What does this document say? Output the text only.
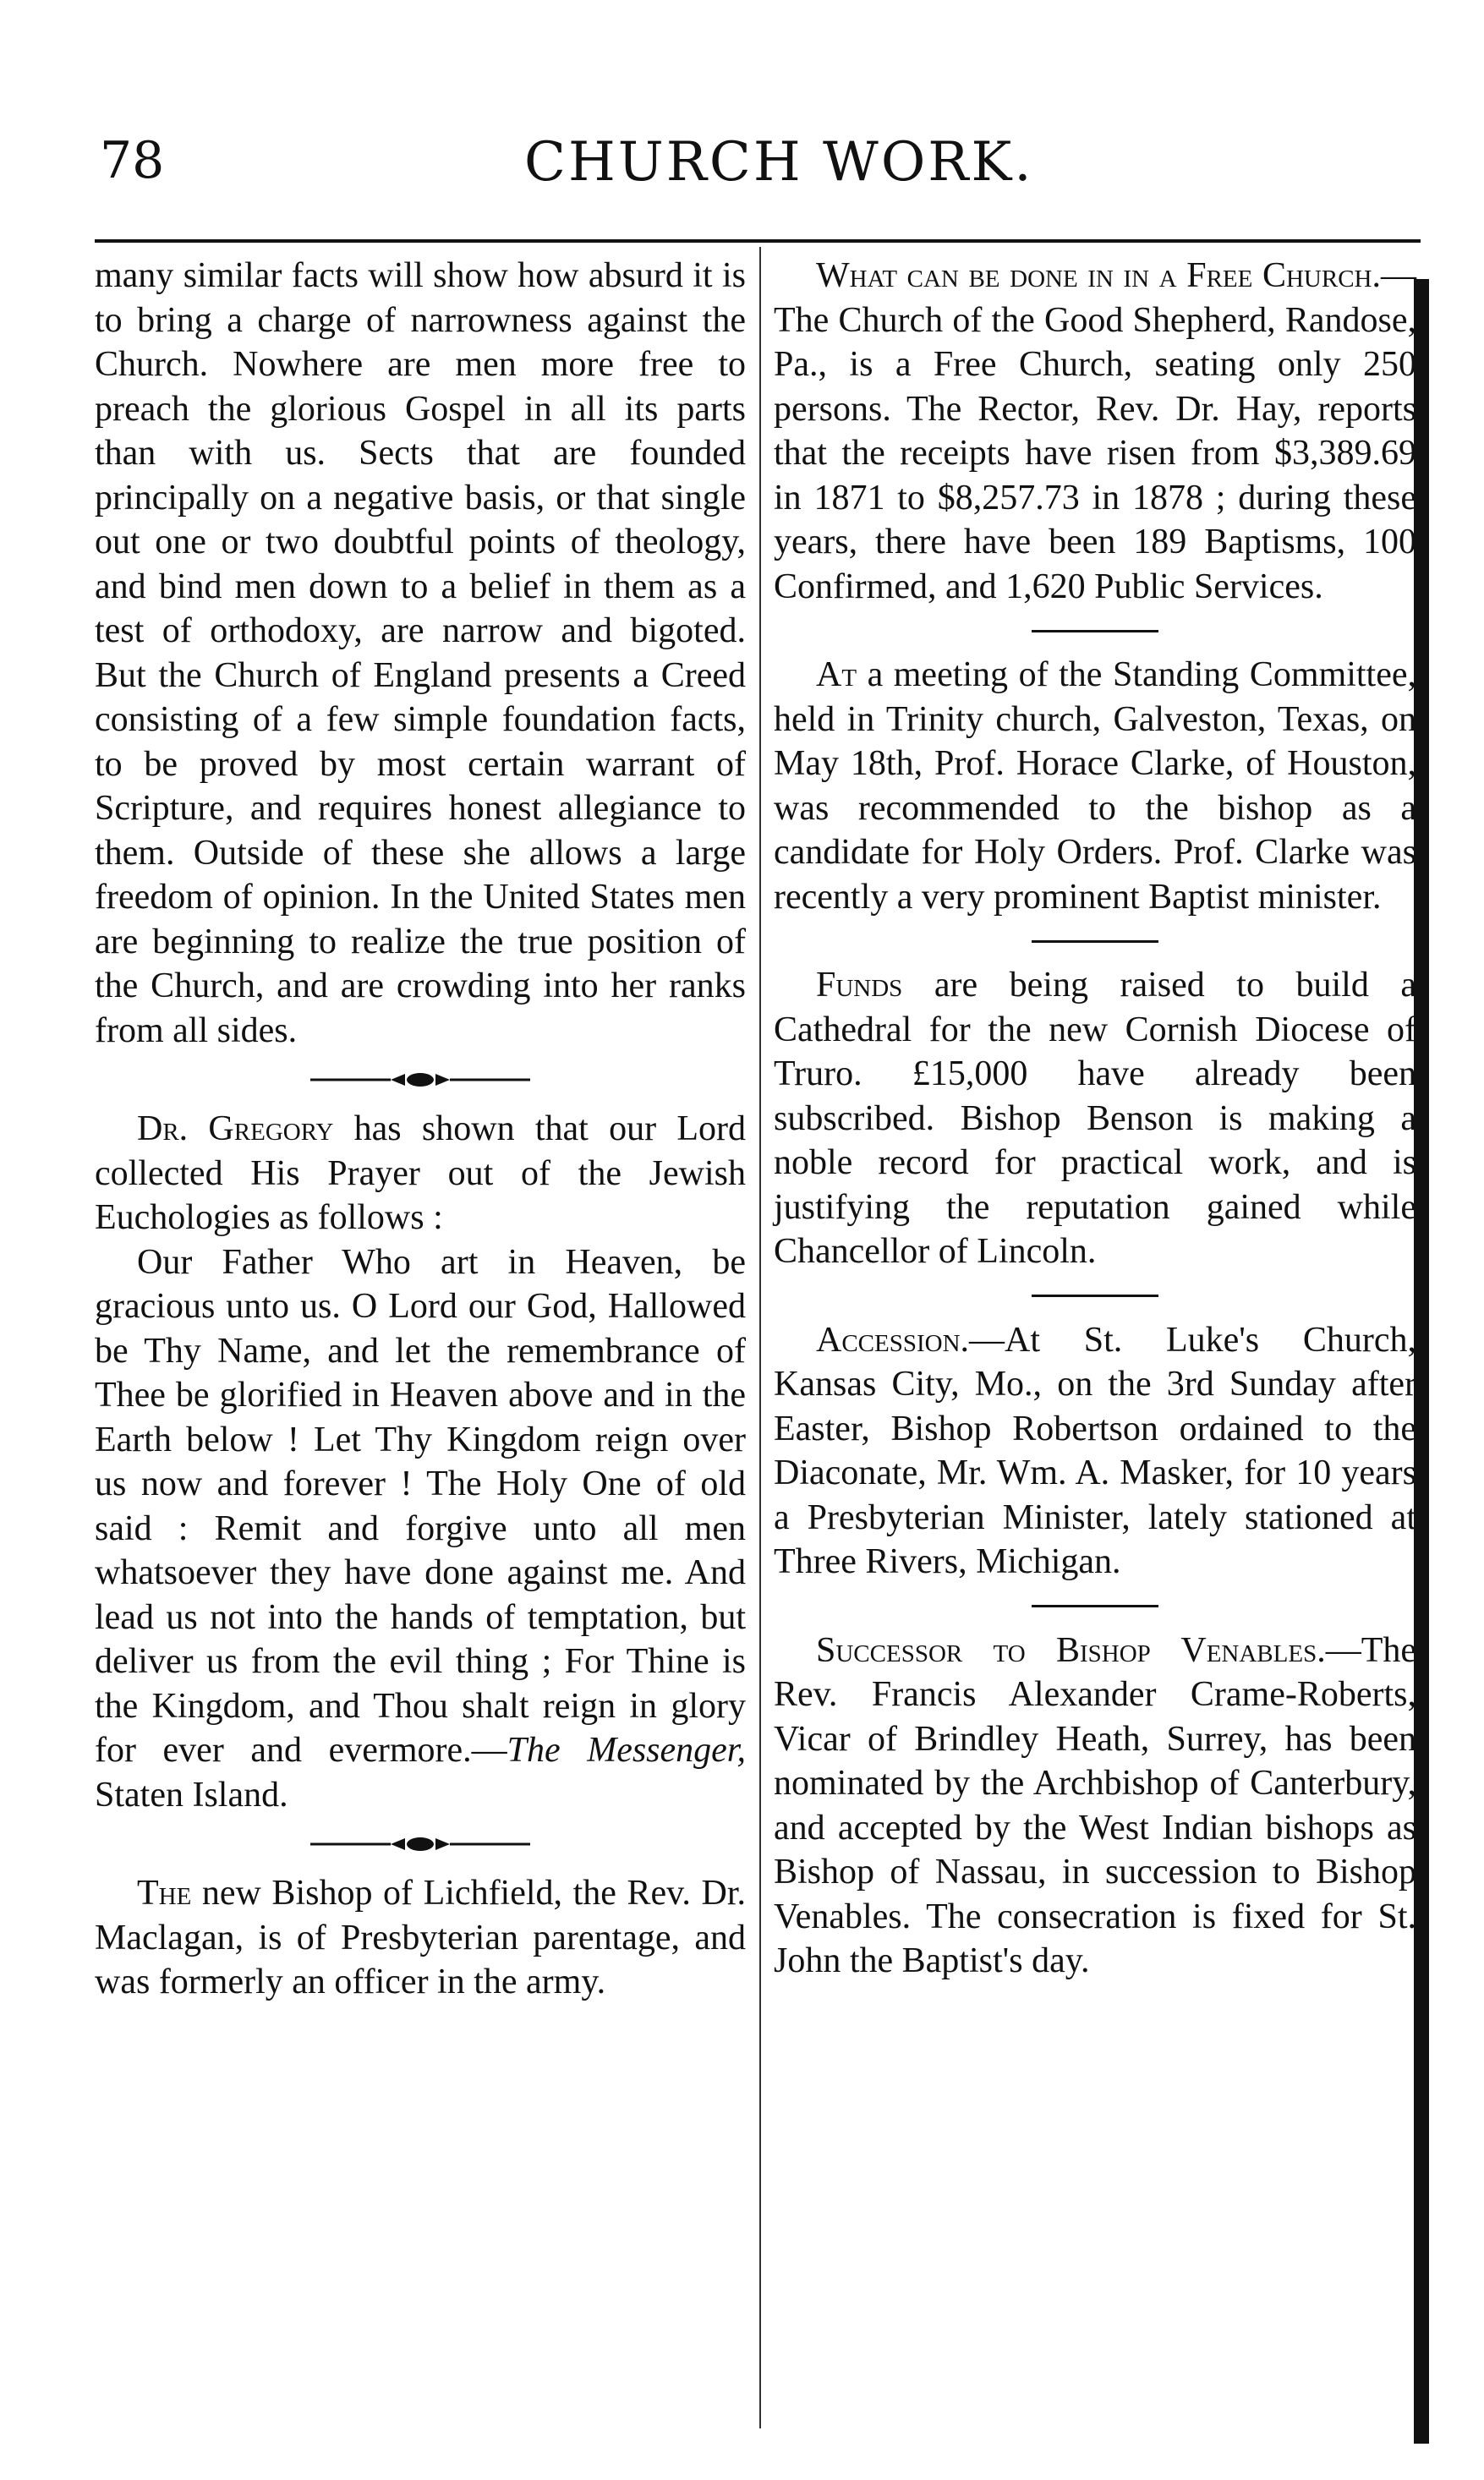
78	CHURCH WORK.

many similar facts will show how absurd it is to bring a charge of narrowness against the Church. Nowhere are men more free to preach the glorious Gospel in all its parts than with us. Sects that are founded principally on a negative basis, or that single out one or two doubtful points of theology, and bind men down to a belief in them as a test of orthodoxy, are narrow and bigoted. But the Church of England presents a Creed consisting of a few simple foundation facts, to be proved by most certain warrant of Scripture, and requires honest allegiance to them. Outside of these she allows a large freedom of opinion. In the United States men are beginning to realize the true position of the Church, and are crowding into her ranks from all sides.

Dr. Gregory has shown that our Lord collected His Prayer out of the Jewish Euchologies as follows :

Our Father Who art in Heaven, be gracious unto us. O Lord our God, Hallowed be Thy Name, and let the remembrance of Thee be glorified in Heaven above and in the Earth below ! Let Thy Kingdom reign over us now and forever ! The Holy One of old said : Remit and forgive unto all men whatsoever they have done against me. And lead us not into the hands of temptation, but deliver us from the evil thing ; For Thine is the Kingdom, and Thou shalt reign in glory for ever and evermore.—The Messenger, Staten Island.

The new Bishop of Lichfield, the Rev. Dr. Maclagan, is of Presbyterian parentage, and was formerly an officer in the army.

What can be done in in a Free Church.—The Church of the Good Shepherd, Randose, Pa., is a Free Church, seating only 250 persons. The Rector, Rev. Dr. Hay, reports that the receipts have risen from $3,389.69 in 1871 to $8,257.73 in 1878 ; during these years, there have been 189 Baptisms, 100 Confirmed, and 1,620 Public Services.

At a meeting of the Standing Committee, held in Trinity church, Galveston, Texas, on May 18th, Prof. Horace Clarke, of Houston, was recommended to the bishop as a candidate for Holy Orders. Prof. Clarke was recently a very prominent Baptist minister.

Funds are being raised to build a Cathedral for the new Cornish Diocese of Truro. £15,000 have already been subscribed. Bishop Benson is making a noble record for practical work, and is justifying the reputation gained while Chancellor of Lincoln.

Accession.—At St. Luke's Church, Kansas City, Mo., on the 3rd Sunday after Easter, Bishop Robertson ordained to the Diaconate, Mr. Wm. A. Masker, for 10 years a Presbyterian Minister, lately stationed at Three Rivers, Michigan.

Successor to Bishop Venables.—The Rev. Francis Alexander Crame-Roberts, Vicar of Brindley Heath, Surrey, has been nominated by the Archbishop of Canterbury, and accepted by the West Indian bishops as Bishop of Nassau, in succession to Bishop Venables. The consecration is fixed for St. John the Baptist's day.
